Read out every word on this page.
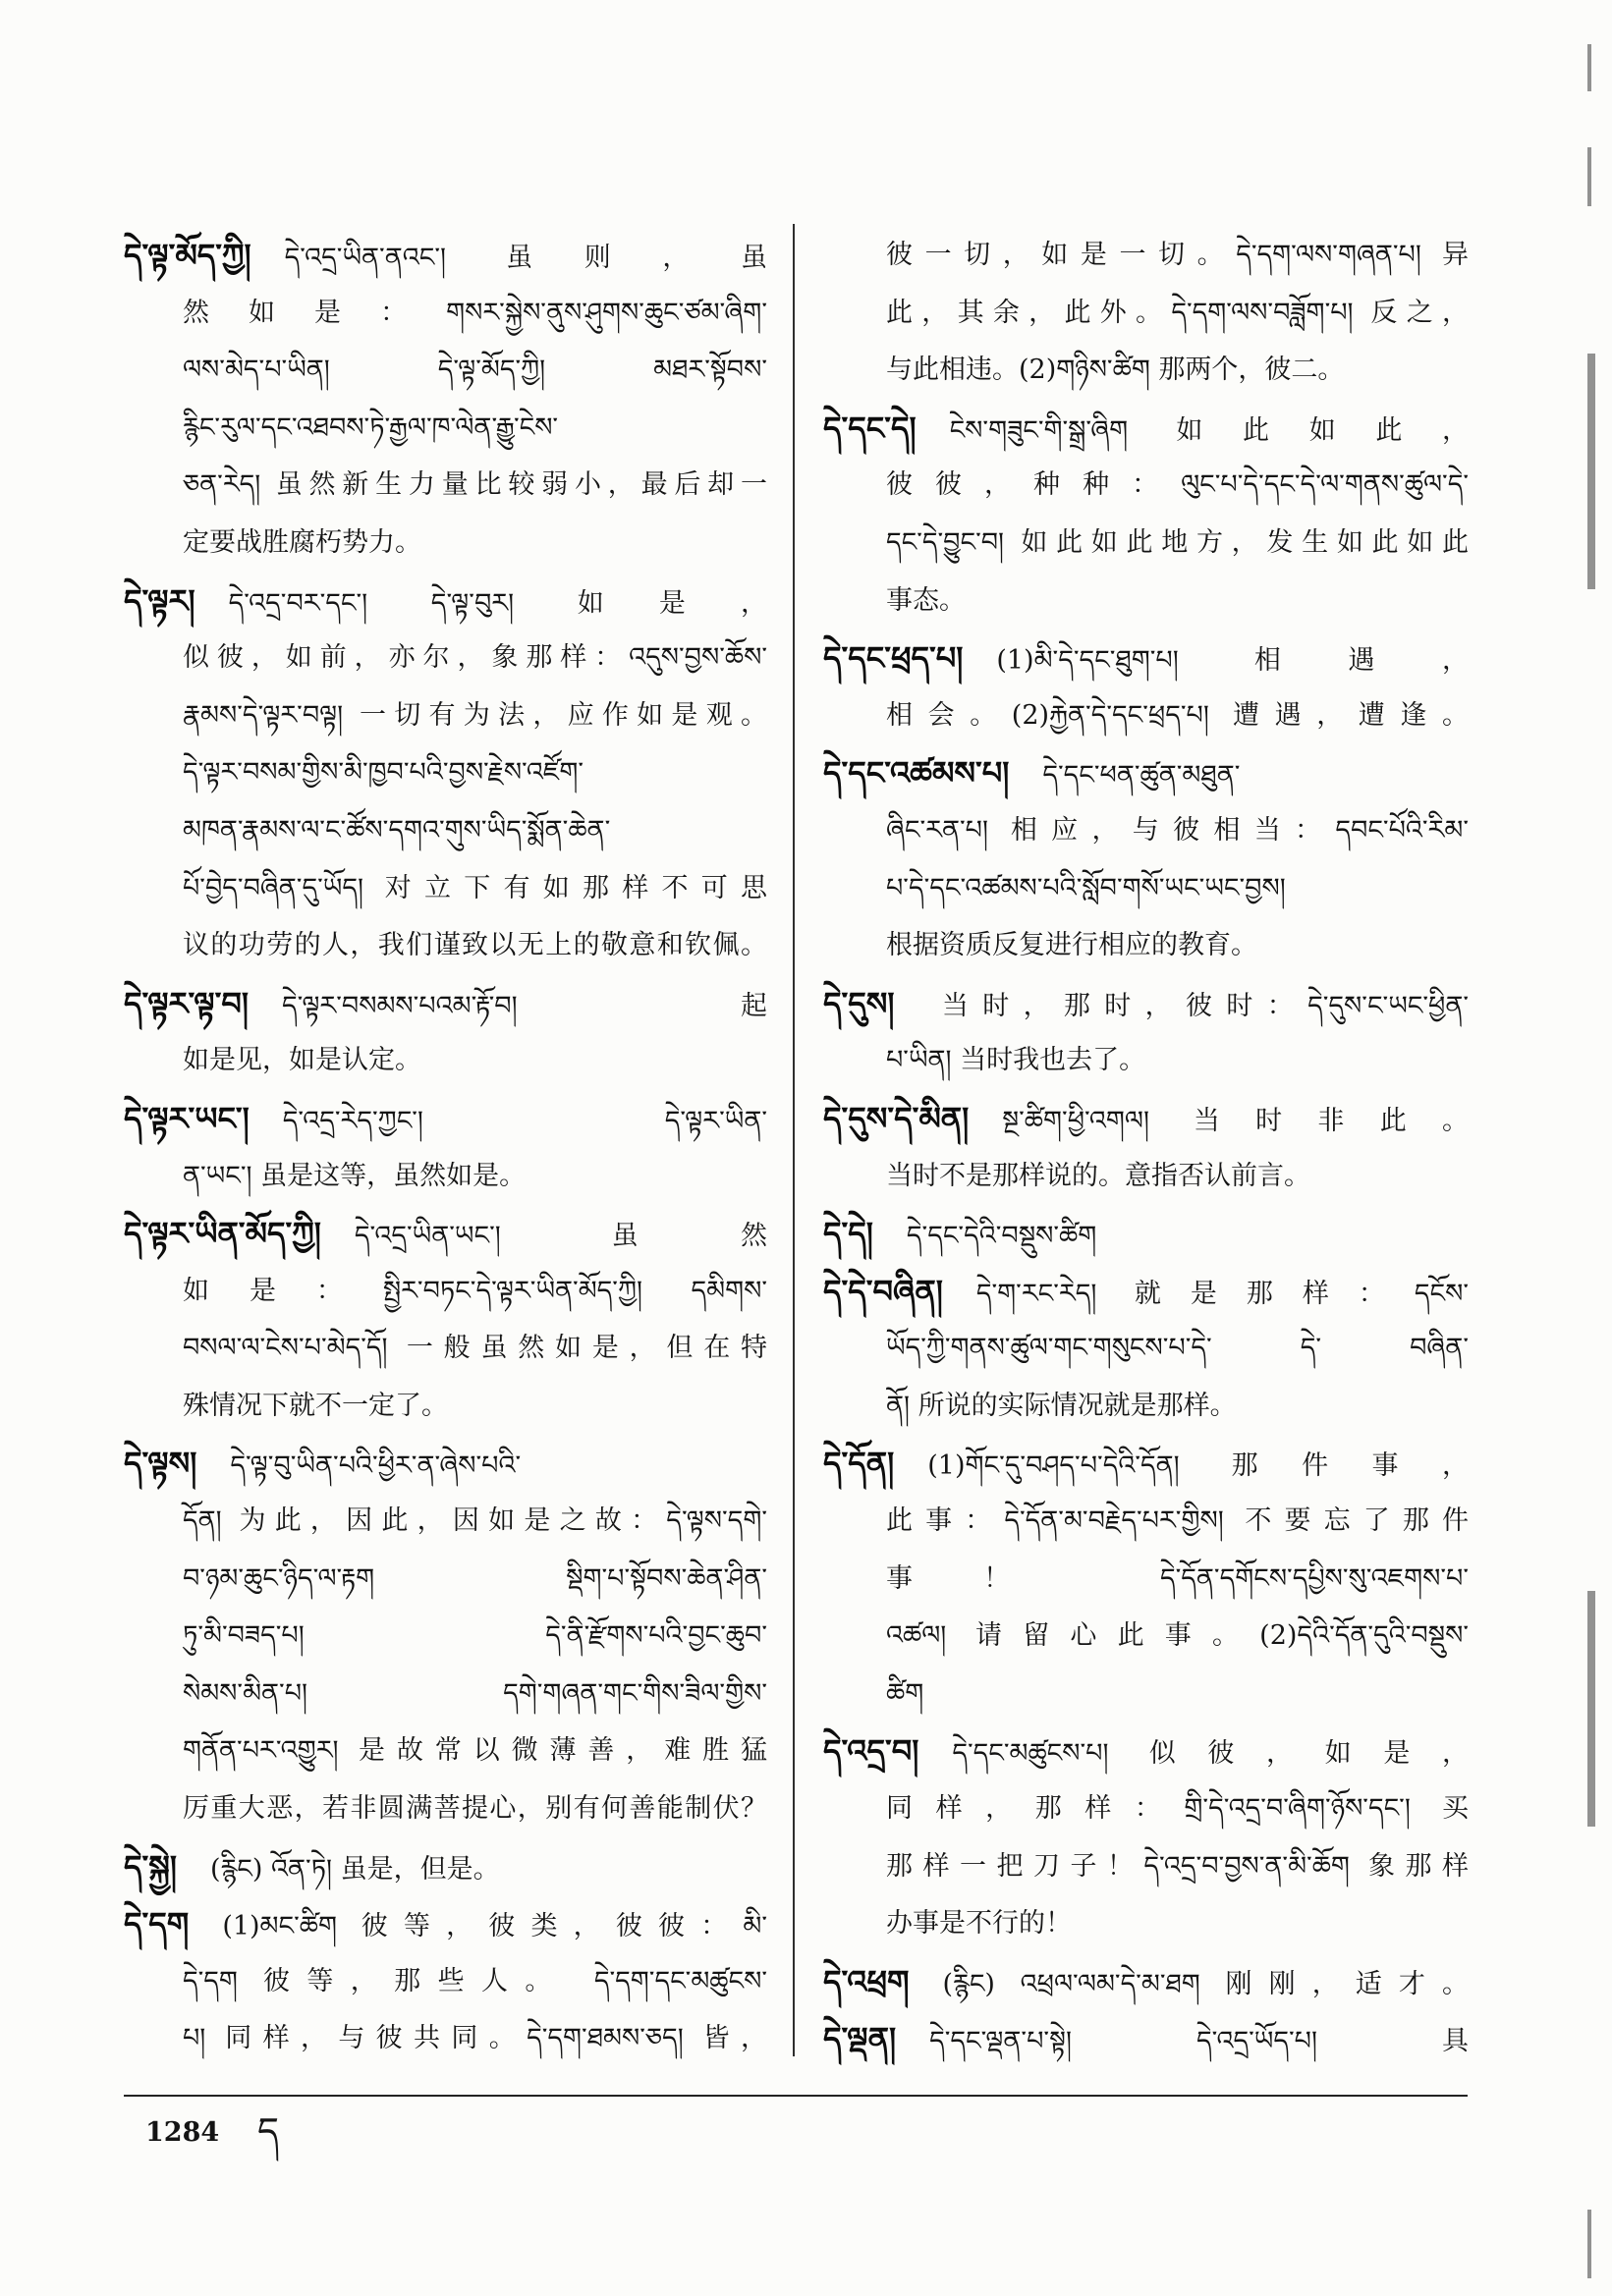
དེ་ལྟ་མོད་ཀྱི། དེ་འདྲ་ཡིན་ནའང་། 虽则，虽
然如是：གསར་སྐྱེས་ནུས་ཤུགས་ཆུང་ཙམ་ཞིག་
ལས་མེད་པ་ཡིན། དེ་ལྟ་མོད་ཀྱི། མཐར་སྟོབས་
རྙིང་རུལ་དང་འཐབས་ཏེ་རྒྱལ་ཁ་ལེན་རྒྱུ་ངེས་
ཅན་རེད། 虽然新生力量比较弱小，最后却一
定要战胜腐朽势力。
དེ་ལྟར། དེ་འདྲ་བར་དང་། དེ་ལྟ་བུར། 如是，
似彼，如前，亦尔，象那样：འདུས་བྱས་ཆོས་
རྣམས་དེ་ལྟར་བལྟ། 一切有为法，应作如是观。
དེ་ལྟར་བསམ་གྱིས་མི་ཁྱབ་པའི་བྱས་རྗེས་འཛོག་
མཁན་རྣམས་ལ་ང་ཚོས་དགའ་གུས་ཡིད་སྨོན་ཆེན་
པོ་བྱེད་བཞིན་དུ་ཡོད། 对立下有如那样不可思
议的功劳的人，我们谨致以无上的敬意和钦佩。
དེ་ལྟར་ལྟ་བ། དེ་ལྟར་བསམས་པའམ་རྟོ་བ། 起
如是见，如是认定。
དེ་ལྟར་ཡང་། དེ་འདྲ་རེད་ཀྱང་། དེ་ལྟར་ཡིན་
ན་ཡང་། 虽是这等，虽然如是。
དེ་ལྟར་ཡིན་མོད་ཀྱི། དེ་འདྲ་ཡིན་ཡང་། 虽然
如是：སྤྱིར་བཏང་དེ་ལྟར་ཡིན་མོད་ཀྱི། དམིགས་
བསལ་ལ་ངེས་པ་མེད་དོ། 一般虽然如是，但在特
殊情况下就不一定了。
དེ་ལྟས། དེ་ལྟ་བུ་ཡིན་པའི་ཕྱིར་ན་ཞེས་པའི་
དོན། 为此，因此，因如是之故：དེ་ལྟས་དགེ་
བ་ཉམ་ཆུང་ཉིད་ལ་རྟག སྡིག་པ་སྟོབས་ཆེན་ཤིན་
ཏུ་མི་བཟད་པ། དེ་ནི་རྫོགས་པའི་བྱང་ཆུབ་
སེམས་མིན་པ། དགེ་གཞན་གང་གིས་ཟིལ་གྱིས་
གནོན་པར་འགྱུར། 是故常以微薄善，难胜猛
厉重大恶，若非圆满菩提心，别有何善能制伏？
དེ་སྐྱེ། (རྙིང) འོན་ཏེ། 虽是，但是。
དེ་དག (1)མང་ཚིག 彼等，彼类，彼彼：མི་
དེ་དག 彼等，那些人。 དེ་དག་དང་མཚུངས་
པ། 同样，与彼共同。དེ་དག་ཐམས་ཅད། 皆，
彼一切，如是一切。དེ་དག་ལས་གཞན་པ། 异
此，其余，此外。དེ་དག་ལས་བཟློག་པ། 反之，
与此相违。(2)གཉིས་ཚིག 那两个，彼二。
དེ་དང་དེ། ངེས་གཟུང་གི་སྒྲ་ཞིག 如此如此，
彼彼，种种：ལུང་པ་དེ་དང་དེ་ལ་གནས་ཚུལ་དེ་
དང་དེ་བྱུང་བ། 如此如此地方，发生如此如此
事态。
དེ་དང་ཕྲད་པ། (1)མི་དེ་དང་ཐུག་པ། 相遇，
相会。(2)རྐྱེན་དེ་དང་ཕྲད་པ། 遭遇，遭逢。
དེ་དང་འཚམས་པ། དེ་དང་ཕན་ཚུན་མཐུན་
ཞིང་རན་པ། 相应，与彼相当：དབང་པོའི་རིམ་
པ་དེ་དང་འཚམས་པའི་སློབ་གསོ་ཡང་ཡང་བྱས།
根据资质反复进行相应的教育。
དེ་དུས། 当时，那时，彼时：དེ་དུས་ང་ཡང་ཕྱིན་
པ་ཡིན། 当时我也去了。
དེ་དུས་དེ་མིན། སྔ་ཚིག་ཕྱི་འགལ། 当时非此。
当时不是那样说的。意指否认前言。
དེ་དེ། དེ་དང་དེའི་བསྡུས་ཚིག
དེ་དེ་བཞིན། དེ་ག་རང་རེད། 就是那样：དངོས་
ཡོད་ཀྱི་གནས་ཚུལ་གང་གསུངས་པ་དེ་ དེ་ བཞིན་
ནོ། 所说的实际情况就是那样。
དེ་དོན། (1)གོང་དུ་བཤད་པ་དེའི་དོན། 那件事，
此事：དེ་དོན་མ་བརྗེད་པར་གྱིས། 不要忘了那件
事！ དེ་དོན་དགོངས་དཔྱིས་སུ་འཇགས་པ་
འཚལ། 请留心此事。(2)དེའི་དོན་དུའི་བསྡུས་
ཚིག
དེ་འདྲ་བ། དེ་དང་མཚུངས་པ། 似彼，如是，
同样，那样：གྲི་དེ་འདྲ་བ་ཞིག་ཉོས་དང་། 买
那样一把刀子！དེ་འདྲ་བ་བྱས་ན་མི་ཆོག 象那样
办事是不行的！
དེ་འཕྲག (རྙིང) འཕྲལ་ལམ་དེ་མ་ཐག 刚刚，适才。
དེ་ལྡན། དེ་དང་ལྡན་པ་སྟེ། དེ་འདྲ་ཡོད་པ། 具
1284 ད
